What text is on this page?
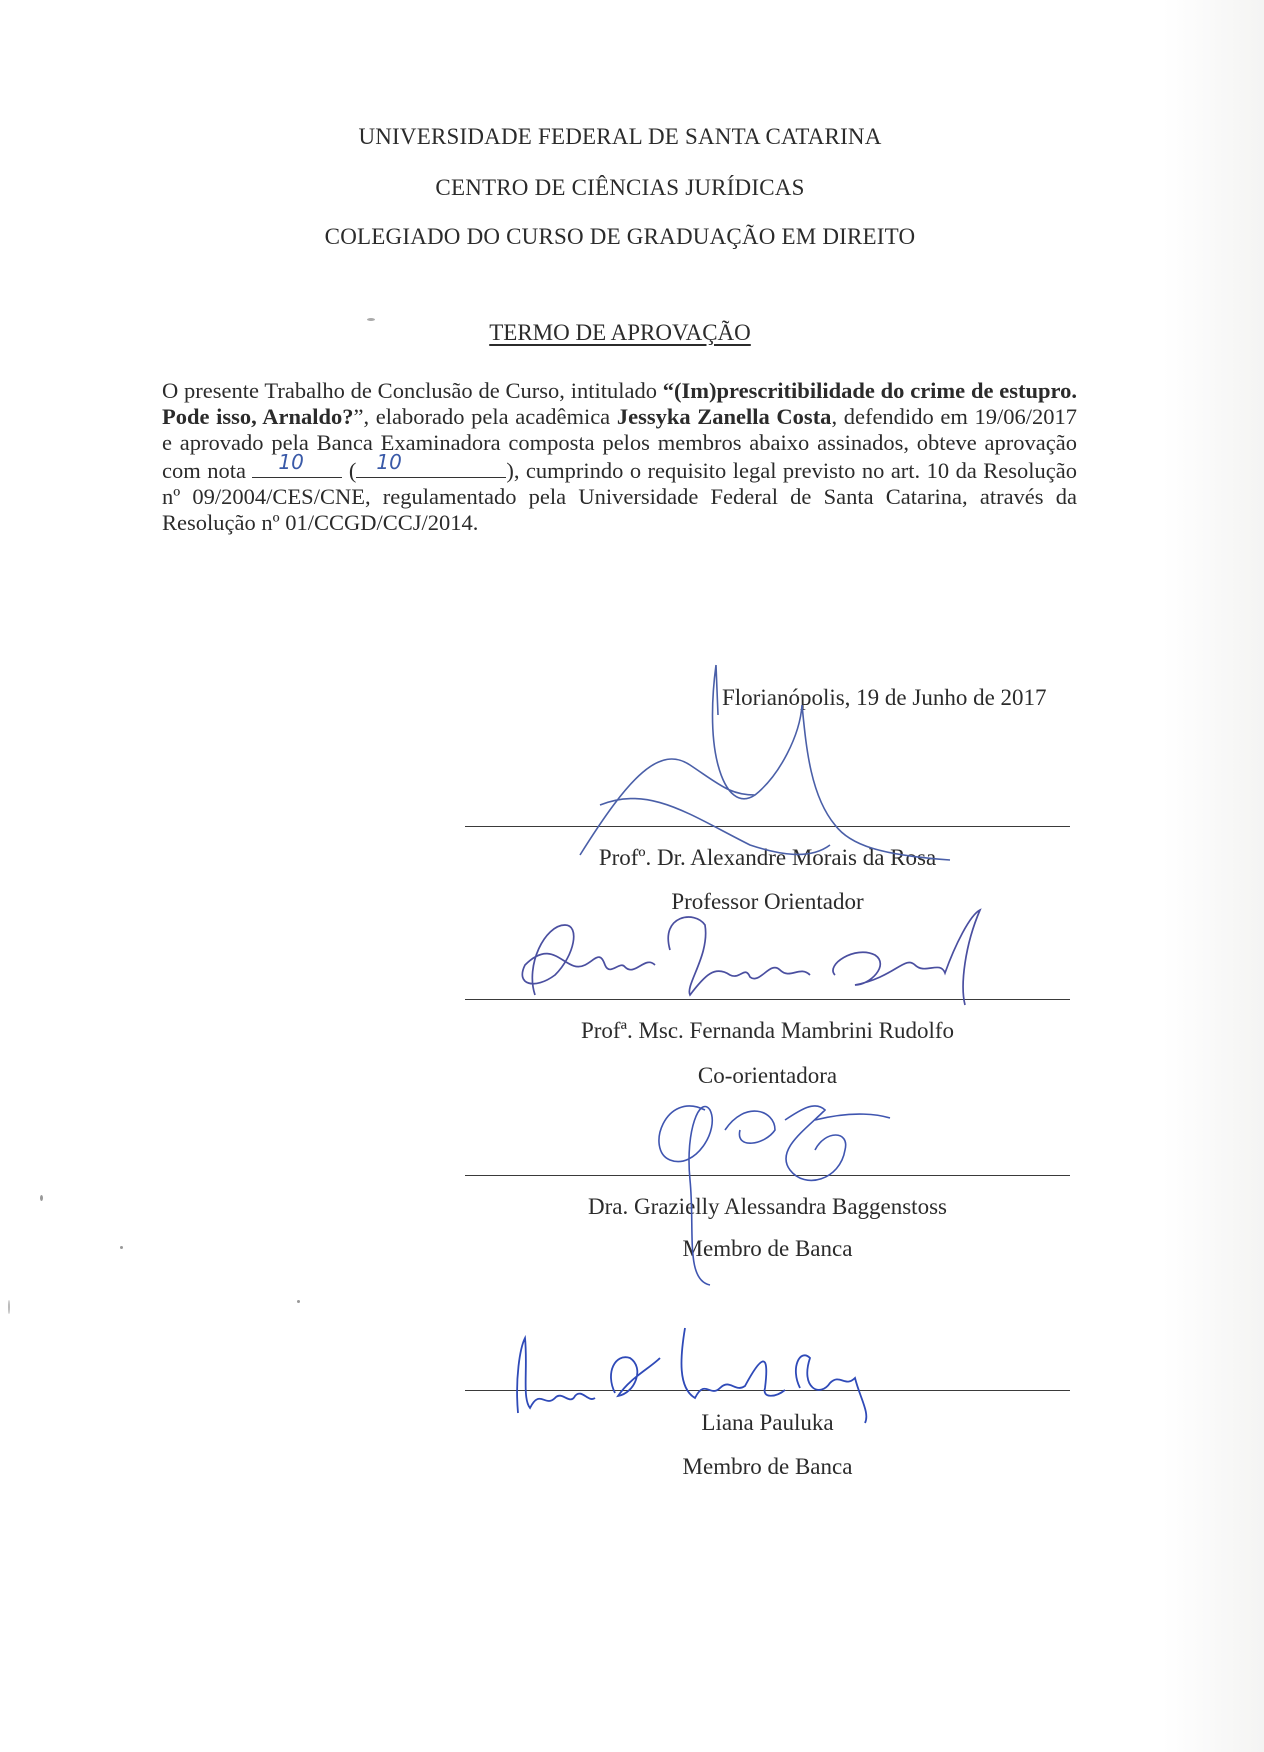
UNIVERSIDADE FEDERAL DE SANTA CATARINA
CENTRO DE CIÊNCIAS JURÍDICAS
COLEGIADO DO CURSO DE GRADUAÇÃO EM DIREITO
TERMO DE APROVAÇÃO
O presente Trabalho de Conclusão de Curso, intitulado “(Im)prescritibilidade do crime de estupro. Pode isso, Arnaldo?”, elaborado pela acadêmica Jessyka Zanella Costa, defendido em 19/06/2017 e aprovado pela Banca Examinadora composta pelos membros abaixo assinados, obteve aprovação com nota 10 ( 10	), cumprindo o requisito legal previsto no art. 10 da Resolução nº 09/2004/CES/CNE, regulamentado pela Universidade Federal de Santa Catarina, através da Resolução nº 01/CCGD/CCJ/2014.
Florianópolis, 19 de Junho de 2017
Profº. Dr. Alexandre Morais da Rosa
Professor Orientador
Profª. Msc. Fernanda Mambrini Rudolfo
Co-orientadora
Dra. Grazielly Alessandra Baggenstoss
Membro de Banca
Liana Pauluka
Membro de Banca
